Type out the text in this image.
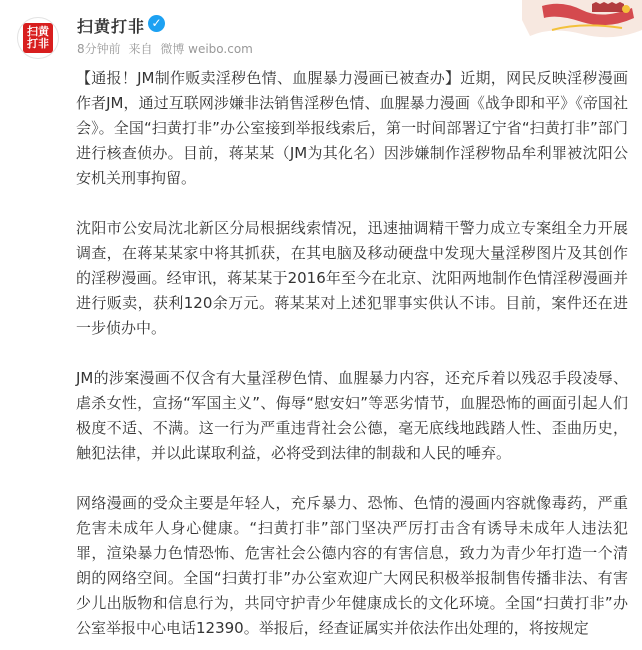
扫黄
打非
扫黄打非 ✓
8分钟前 来自 微博 weibo.com

【通报！JM制作贩卖淫秽色情、血腥暴力漫画已被查办】近期，网民反映淫秽漫画作者JM，通过互联网涉嫌非法销售淫秽色情、血腥暴力漫画《战争即和平》《帝国社会》。全国“扫黄打非”办公室接到举报线索后，第一时间部署辽宁省“扫黄打非”部门进行核查侦办。目前，蒋某某（JM为其化名）因涉嫌制作淫秽物品牟利罪被沈阳公安机关刑事拘留。

沈阳市公安局沈北新区分局根据线索情况，迅速抽调精干警力成立专案组全力开展调查，在蒋某某家中将其抓获，在其电脑及移动硬盘中发现大量淫秽图片及其创作的淫秽漫画。经审讯，蒋某某于2016年至今在北京、沈阳两地制作色情淫秽漫画并进行贩卖，获利120余万元。蒋某某对上述犯罪事实供认不讳。目前，案件还在进一步侦办中。

JM的涉案漫画不仅含有大量淫秽色情、血腥暴力内容，还充斥着以残忍手段凌辱、虐杀女性，宣扬“军国主义”、侮辱“慰安妇”等恶劣情节，血腥恐怖的画面引起人们极度不适、不满。这一行为严重违背社会公德，毫无底线地践踏人性、歪曲历史，触犯法律，并以此谋取利益，必将受到法律的制裁和人民的唾弃。

网络漫画的受众主要是年轻人，充斥暴力、恐怖、色情的漫画内容就像毒药，严重危害未成年人身心健康。“扫黄打非”部门坚决严厉打击含有诱导未成年人违法犯罪，渲染暴力色情恐怖、危害社会公德内容的有害信息，致力为青少年打造一个清朗的网络空间。全国“扫黄打非”办公室欢迎广大网民积极举报制售传播非法、有害少儿出版物和信息行为，共同守护青少年健康成长的文化环境。全国“扫黄打非”办公室举报中心电话12390。举报后，经查证属实并依法作出处理的，将按规定
